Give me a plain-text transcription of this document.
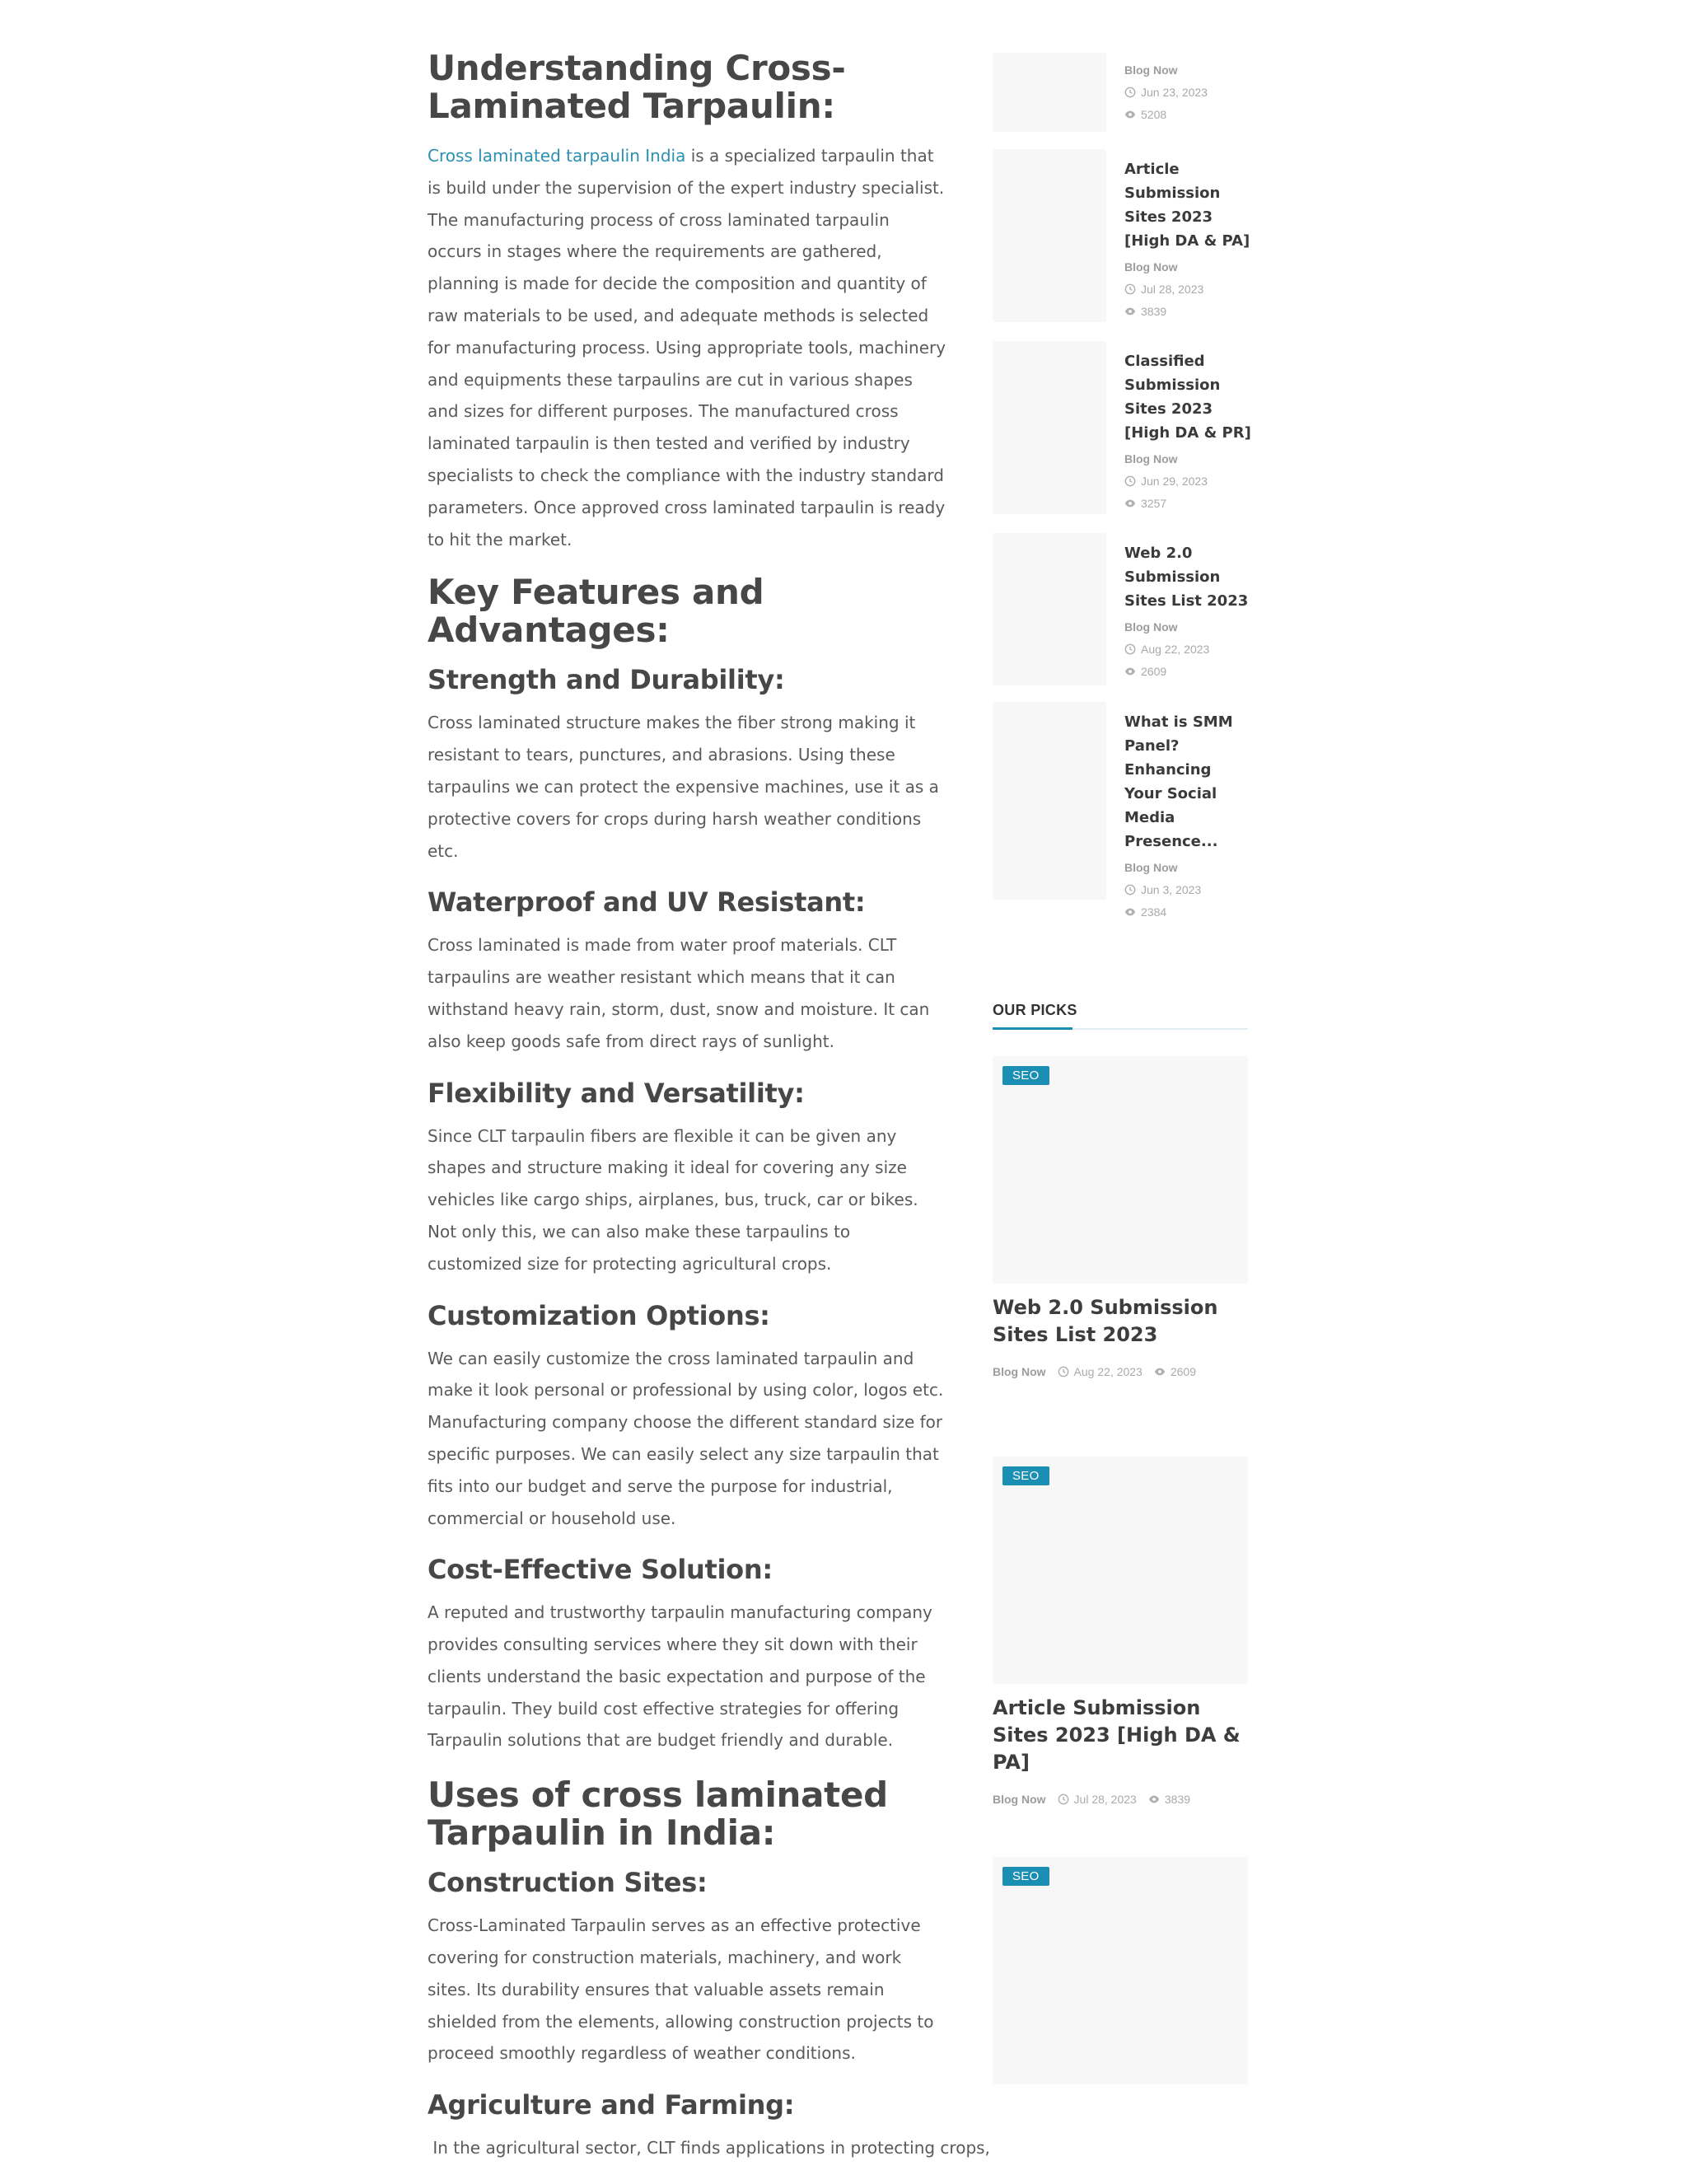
Understanding Cross-Laminated Tarpaulin:

Cross laminated tarpaulin India is a specialized tarpaulin that is build under the supervision of the expert industry specialist. The manufacturing process of cross laminated tarpaulin occurs in stages where the requirements are gathered, planning is made for decide the composition and quantity of raw materials to be used, and adequate methods is selected for manufacturing process. Using appropriate tools, machinery and equipments these tarpaulins are cut in various shapes and sizes for different purposes. The manufactured cross laminated tarpaulin is then tested and verified by industry specialists to check the compliance with the industry standard parameters. Once approved cross laminated tarpaulin is ready to hit the market.

Key Features and Advantages:
Strength and Durability:

Cross laminated structure makes the fiber strong making it resistant to tears, punctures, and abrasions. Using these tarpaulins we can protect the expensive machines, use it as a protective covers for crops during harsh weather conditions etc.

Waterproof and UV Resistant:

Cross laminated is made from water proof materials. CLT tarpaulins are weather resistant which means that it can withstand heavy rain, storm, dust, snow and moisture. It can also keep goods safe from direct rays of sunlight.

Flexibility and Versatility:

Since CLT tarpaulin fibers are flexible it can be given any shapes and structure making it ideal for covering any size vehicles like cargo ships, airplanes, bus, truck, car or bikes. Not only this, we can also make these tarpaulins to customized size for protecting agricultural crops.

Customization Options:

We can easily customize the cross laminated tarpaulin and make it look personal or professional by using color, logos etc. Manufacturing company choose the different standard size for specific purposes. We can easily select any size tarpaulin that fits into our budget and serve the purpose for industrial, commercial or household use.

Cost-Effective Solution:

A reputed and trustworthy tarpaulin manufacturing company provides consulting services where they sit down with their clients understand the basic expectation and purpose of the tarpaulin. They build cost effective strategies for offering Tarpaulin solutions that are budget friendly and durable.

Uses of cross laminated Tarpaulin in India:
Construction Sites:

Cross-Laminated Tarpaulin serves as an effective protective covering for construction materials, machinery, and work sites. Its durability ensures that valuable assets remain shielded from the elements, allowing construction projects to proceed smoothly regardless of weather conditions.

Agriculture and Farming:

In the agricultural sector, CLT finds applications in protecting crops,

Blog Now
Jun 23, 2023
5208
Article Submission Sites 2023 [High DA & PA]
Blog Now
Jul 28, 2023
3839
Classified Submission Sites 2023 [High DA & PR]
Blog Now
Jun 29, 2023
3257
Web 2.0 Submission Sites List 2023
Blog Now
Aug 22, 2023
2609
What is SMM Panel? Enhancing Your Social Media Presence...
Blog Now
Jun 3, 2023
2384
OUR PICKS
SEO
Web 2.0 Submission Sites List 2023
Blog Now Aug 22, 2023 2609
SEO
Article Submission Sites 2023 [High DA & PA]
Blog Now Jul 28, 2023 3839
SEO
